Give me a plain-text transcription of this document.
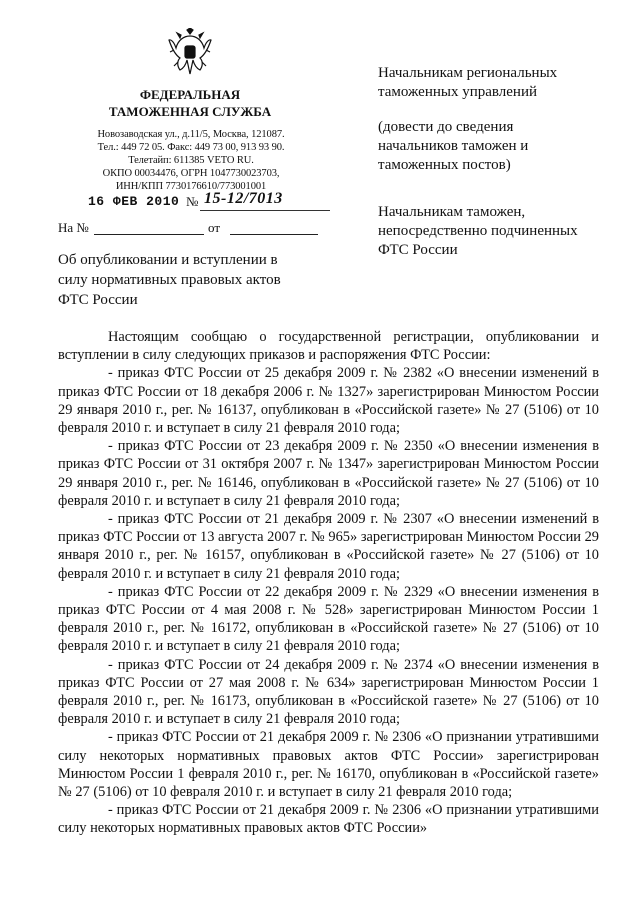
ФЕДЕРАЛЬНАЯ
ТАМОЖЕННАЯ СЛУЖБА
Новозаводская ул., д.11/5, Москва, 121087.
Тел.: 449 72 05. Факс: 449 73 00, 913 93 90.
Телетайп: 611385 VETO RU.
ОКПО 00034476, ОГРН 1047730023703,
ИНН/КПП 7730176610/773001001
16 ФЕВ 2010 № 15-12/7013
На №	от
Об опубликовании и вступлении в силу нормативных правовых актов ФТС России
Начальникам региональных
таможенных управлений
(довести до сведения
начальников таможен и
таможенных постов)
Начальникам таможен,
непосредственно подчиненных
ФТС России

Настоящим сообщаю о государственной регистрации, опубликовании и вступлении в силу следующих приказов и распоряжения ФТС России:

- приказ ФТС России от 25 декабря 2009 г. № 2382 «О внесении изменений в приказ ФТС России от 18 декабря 2006 г. № 1327» зарегистрирован Минюстом России 29 января 2010 г., рег. № 16137, опубликован в «Российской газете» № 27 (5106) от 10 февраля 2010 г. и вступает в силу 21 февраля 2010 года;

- приказ ФТС России от 23 декабря 2009 г. № 2350 «О внесении изменения в приказ ФТС России от 31 октября 2007 г. № 1347» зарегистрирован Минюстом России 29 января 2010 г., рег. № 16146, опубликован в «Российской газете» № 27 (5106) от 10 февраля 2010 г. и вступает в силу 21 февраля 2010 года;

- приказ ФТС России от 21 декабря 2009 г. № 2307 «О внесении изменений в приказ ФТС России от 13 августа 2007 г. № 965» зарегистрирован Минюстом России 29 января 2010 г., рег. № 16157, опубликован в «Российской газете» № 27 (5106) от 10 февраля 2010 г. и вступает в силу 21 февраля 2010 года;

- приказ ФТС России от 22 декабря 2009 г. № 2329 «О внесении изменения в приказ ФТС России от 4 мая 2008 г. № 528» зарегистрирован Минюстом России 1 февраля 2010 г., рег. № 16172, опубликован в «Российской газете» № 27 (5106) от 10 февраля 2010 г. и вступает в силу 21 февраля 2010 года;

- приказ ФТС России от 24 декабря 2009 г. № 2374 «О внесении изменения в приказ ФТС России от 27 мая 2008 г. № 634» зарегистрирован Минюстом России 1 февраля 2010 г., рег. № 16173, опубликован в «Российской газете» № 27 (5106) от 10 февраля 2010 г. и вступает в силу 21 февраля 2010 года;

- приказ ФТС России от 21 декабря 2009 г. № 2306 «О признании утратившими силу некоторых нормативных правовых актов ФТС России» зарегистрирован Минюстом России 1 февраля 2010 г., рег. № 16170, опубликован в «Российской газете» № 27 (5106) от 10 февраля 2010 г. и вступает в силу 21 февраля 2010 года;

- приказ ФТС России от 21 декабря 2009 г. № 2306 «О признании утратившими силу некоторых нормативных правовых актов ФТС России»
